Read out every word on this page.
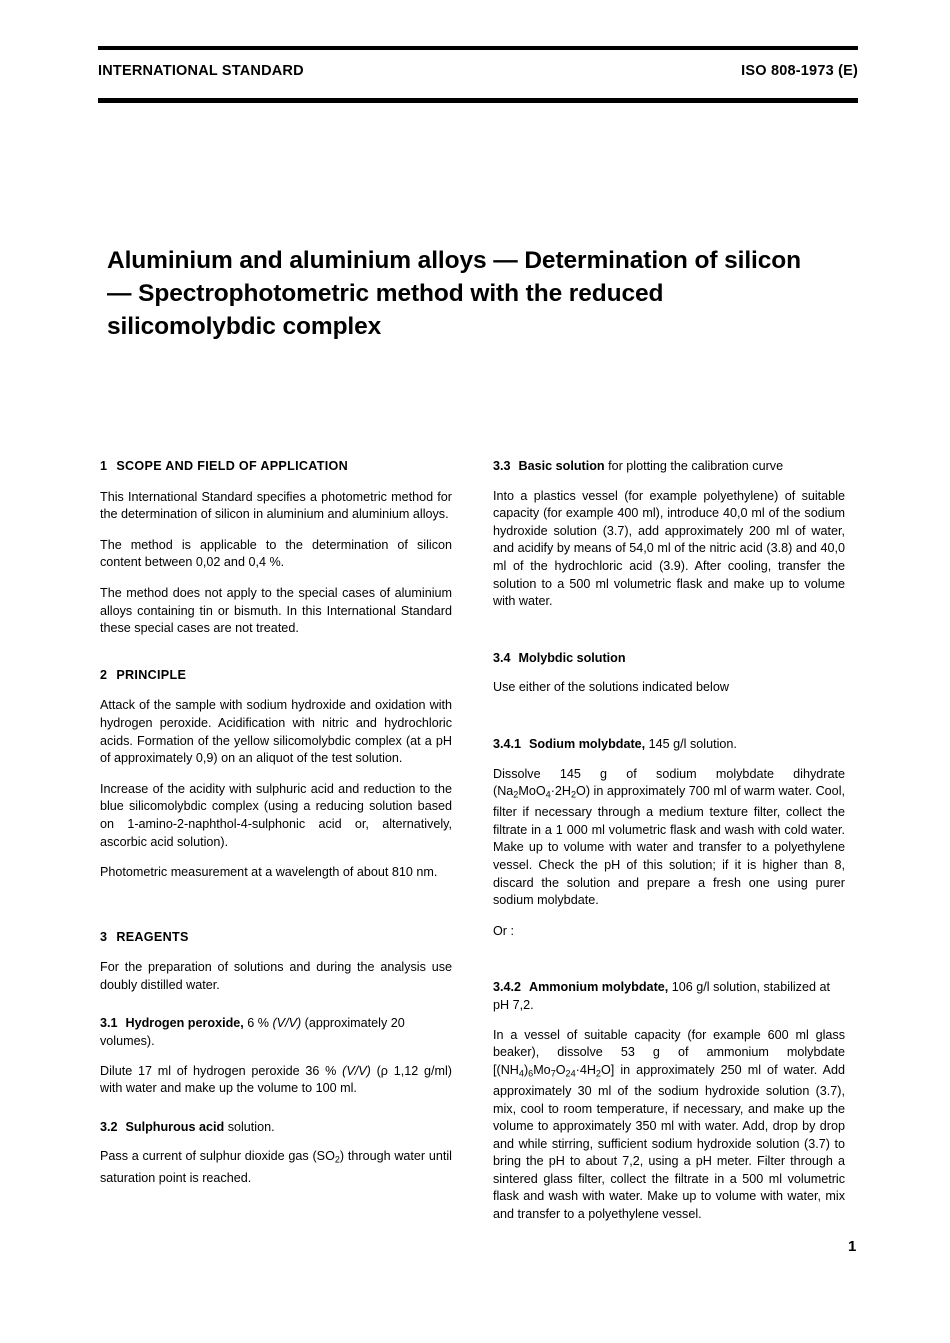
INTERNATIONAL STANDARD	ISO 808-1973 (E)
Aluminium and aluminium alloys — Determination of silicon — Spectrophotometric method with the reduced silicomolybdic complex
1 SCOPE AND FIELD OF APPLICATION

This International Standard specifies a photometric method for the determination of silicon in aluminium and aluminium alloys.

The method is applicable to the determination of silicon content between 0,02 and 0,4 %.

The method does not apply to the special cases of aluminium alloys containing tin or bismuth. In this International Standard these special cases are not treated.

2 PRINCIPLE

Attack of the sample with sodium hydroxide and oxidation with hydrogen peroxide. Acidification with nitric and hydrochloric acids. Formation of the yellow silicomolybdic complex (at a pH of approximately 0,9) on an aliquot of the test solution.

Increase of the acidity with sulphuric acid and reduction to the blue silicomolybdic complex (using a reducing solution based on 1-amino-2-naphthol-4-sulphonic acid or, alternatively, ascorbic acid solution).

Photometric measurement at a wavelength of about 810 nm.

3 REAGENTS

For the preparation of solutions and during the analysis use doubly distilled water.

3.1 Hydrogen peroxide, 6 % (V/V) (approximately 20 volumes).

Dilute 17 ml of hydrogen peroxide 36 % (V/V) (ρ 1,12 g/ml) with water and make up the volume to 100 ml.

3.2 Sulphurous acid solution.

Pass a current of sulphur dioxide gas $(SO_2)$ through water until saturation point is reached.

3.3 Basic solution for plotting the calibration curve

Into a plastics vessel (for example polyethylene) of suitable capacity (for example 400 ml), introduce 40,0 ml of the sodium hydroxide solution (3.7), add approximately 200 ml of water, and acidify by means of 54,0 ml of the nitric acid (3.8) and 40,0 ml of the hydrochloric acid (3.9). After cooling, transfer the solution to a 500 ml volumetric flask and make up to volume with water.

3.4 Molybdic solution

Use either of the solutions indicated below

3.4.1 Sodium molybdate, 145 g/l solution.

Dissolve 145 g of sodium molybdate dihydrate $(Na_2MoO_4\cdot 2H_2O)$ in approximately 700 ml of warm water. Cool, filter if necessary through a medium texture filter, collect the filtrate in a 1 000 ml volumetric flask and wash with cold water. Make up to volume with water and transfer to a polyethylene vessel. Check the pH of this solution; if it is higher than 8, discard the solution and prepare a fresh one using purer sodium molybdate.

Or :

3.4.2 Ammonium molybdate, 106 g/l solution, stabilized at pH 7,2.

In a vessel of suitable capacity (for example 600 ml glass beaker), dissolve 53 g of ammonium molybdate $[(NH_4)_6Mo_7O_{24}\cdot 4H_2O]$ in approximately 250 ml of water. Add approximately 30 ml of the sodium hydroxide solution (3.7), mix, cool to room temperature, if necessary, and make up the volume to approximately 350 ml with water. Add, drop by drop and while stirring, sufficient sodium hydroxide solution (3.7) to bring the pH to about 7,2, using a pH meter. Filter through a sintered glass filter, collect the filtrate in a 500 ml volumetric flask and wash with water. Make up to volume with water, mix and transfer to a polyethylene vessel.

1
